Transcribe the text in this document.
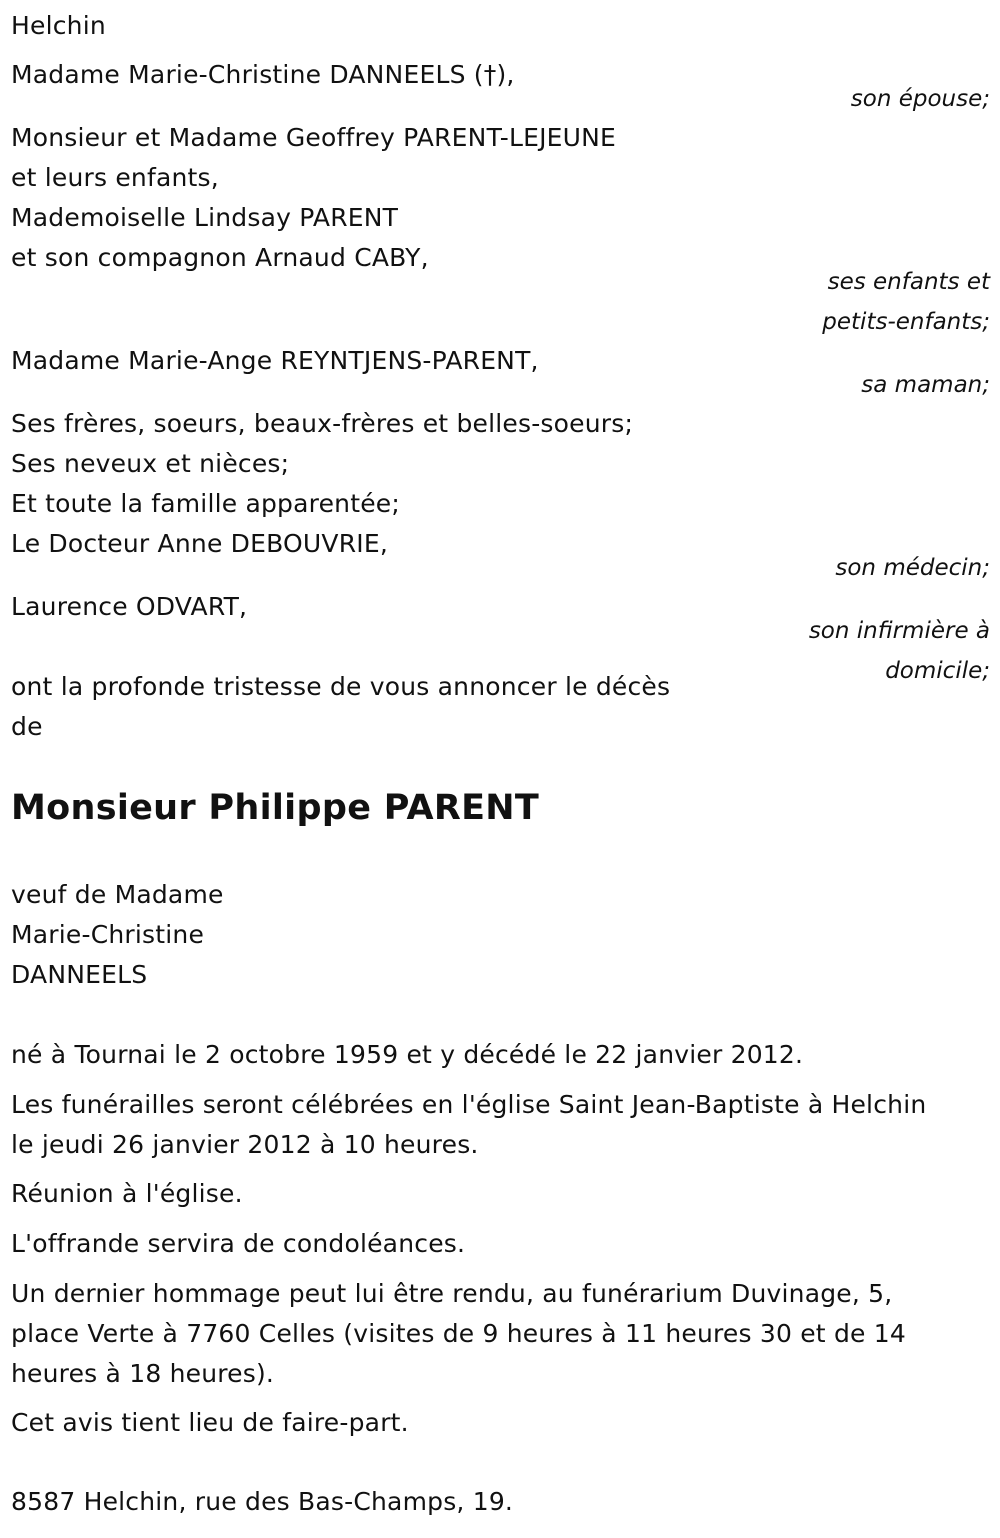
Helchin
Madame Marie-Christine DANNEELS (†),
son épouse;
Monsieur et Madame Geoffrey PARENT-LEJEUNE
et leurs enfants,
Mademoiselle Lindsay PARENT
et son compagnon Arnaud CABY,
ses enfants et
petits-enfants;
Madame Marie-Ange REYNTJENS-PARENT,
sa maman;
Ses frères, soeurs, beaux-frères et belles-soeurs;
Ses neveux et nièces;
Et toute la famille apparentée;
Le Docteur Anne DEBOUVRIE,
son médecin;
Laurence ODVART,
son infirmière à
domicile;
ont la profonde tristesse de vous annoncer le décès
de
Monsieur Philippe PARENT
veuf de Madame
Marie-Christine
DANNEELS
né à Tournai le 2 octobre 1959 et y décédé le 22 janvier 2012.
Les funérailles seront célébrées en l'église Saint Jean-Baptiste à Helchin
le jeudi 26 janvier 2012 à 10 heures.
Réunion à l'église.
L'offrande servira de condoléances.
Un dernier hommage peut lui être rendu, au funérarium Duvinage, 5,
place Verte à 7760 Celles (visites de 9 heures à 11 heures 30 et de 14
heures à 18 heures).
Cet avis tient lieu de faire-part.
8587 Helchin, rue des Bas-Champs, 19.
